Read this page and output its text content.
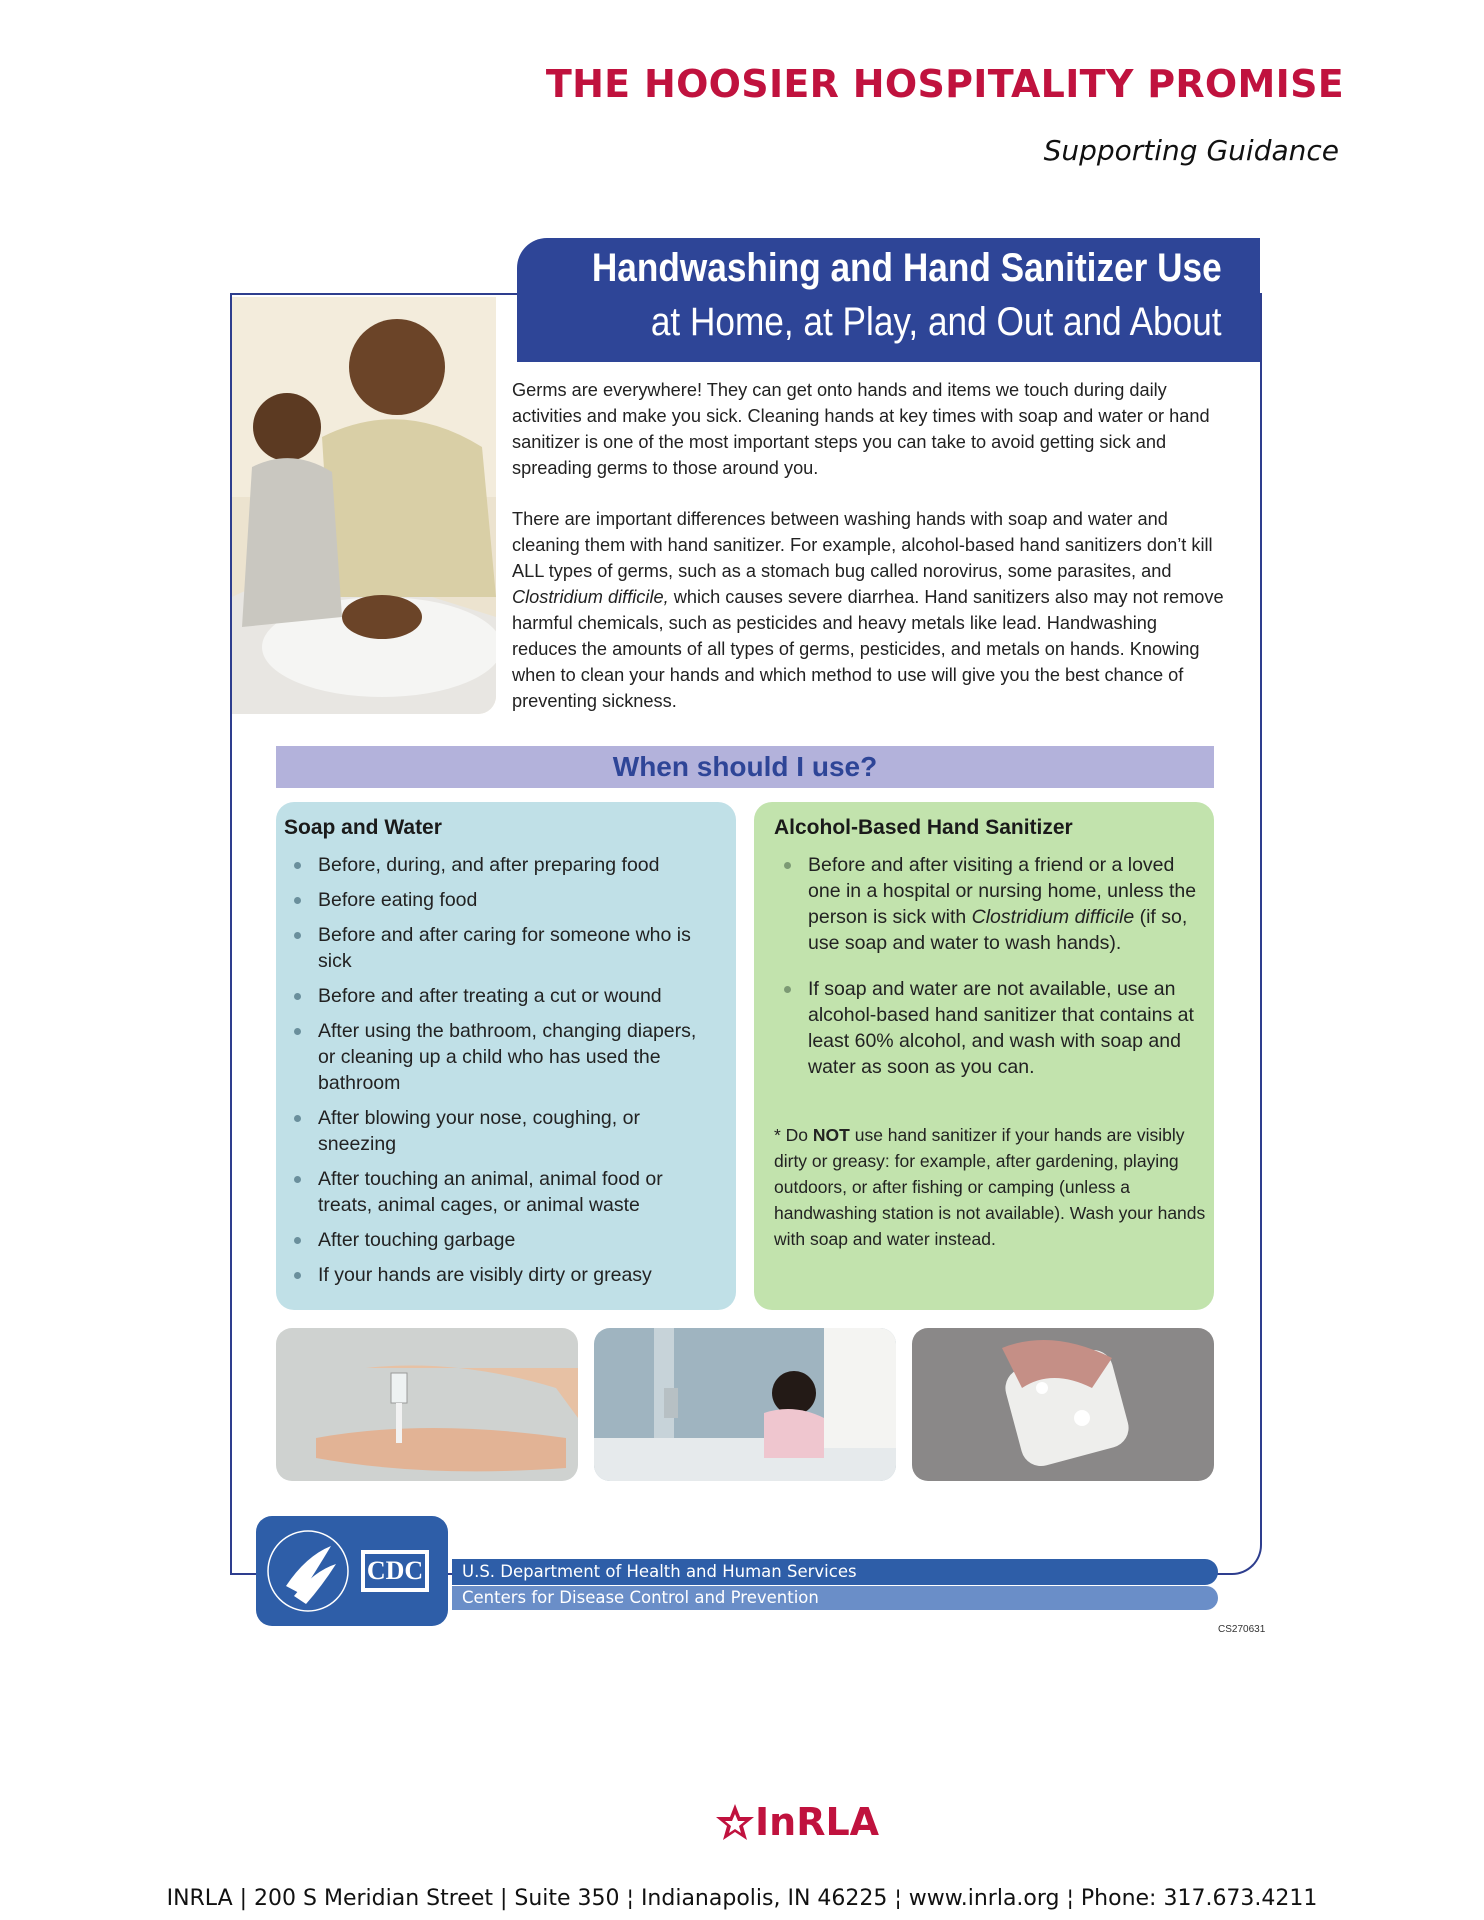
THE HOOSIER HOSPITALITY PROMISE
Supporting Guidance
Handwashing and Hand Sanitizer Use
at Home, at Play, and Out and About

Germs are everywhere! They can get onto hands and items we touch during daily activities and make you sick. Cleaning hands at key times with soap and water or hand sanitizer is one of the most important steps you can take to avoid getting sick and spreading germs to those around you.

There are important differences between washing hands with soap and water and cleaning them with hand sanitizer. For example, alcohol-based hand sanitizers don’t kill ALL types of germs, such as a stomach bug called norovirus, some parasites, and Clostridium difficile, which causes severe diarrhea. Hand sanitizers also may not remove harmful chemicals, such as pesticides and heavy metals like lead. Handwashing reduces the amounts of all types of germs, pesticides, and metals on hands. Knowing when to clean your hands and which method to use will give you the best chance of preventing sickness.

When should I use?
Soap and Water
Before, during, and after preparing food
Before eating food
Before and after caring for someone who is sick
Before and after treating a cut or wound
After using the bathroom, changing diapers, or cleaning up a child who has used the bathroom
After blowing your nose, coughing, or sneezing
After touching an animal, animal food or treats, animal cages, or animal waste
After touching garbage
If your hands are visibly dirty or greasy
Alcohol-Based Hand Sanitizer
Before and after visiting a friend or a loved one in a hospital or nursing home, unless the person is sick with Clostridium difficile (if so, use soap and water to wash hands).
If soap and water are not available, use an alcohol-based hand sanitizer that contains at least 60% alcohol, and wash with soap and water as soon as you can.
* Do NOT use hand sanitizer if your hands are visibly dirty or greasy: for example, after gardening, playing outdoors, or after fishing or camping (unless a handwashing station is not available). Wash your hands with soap and water instead.
CDC U.S. Department of Health and Human Services
Centers for Disease Control and Prevention
CS270631
InRLA
INRLA | 200 S Meridian Street | Suite 350 ¦ Indianapolis, IN 46225 ¦ www.inrla.org ¦ Phone: 317.673.4211
